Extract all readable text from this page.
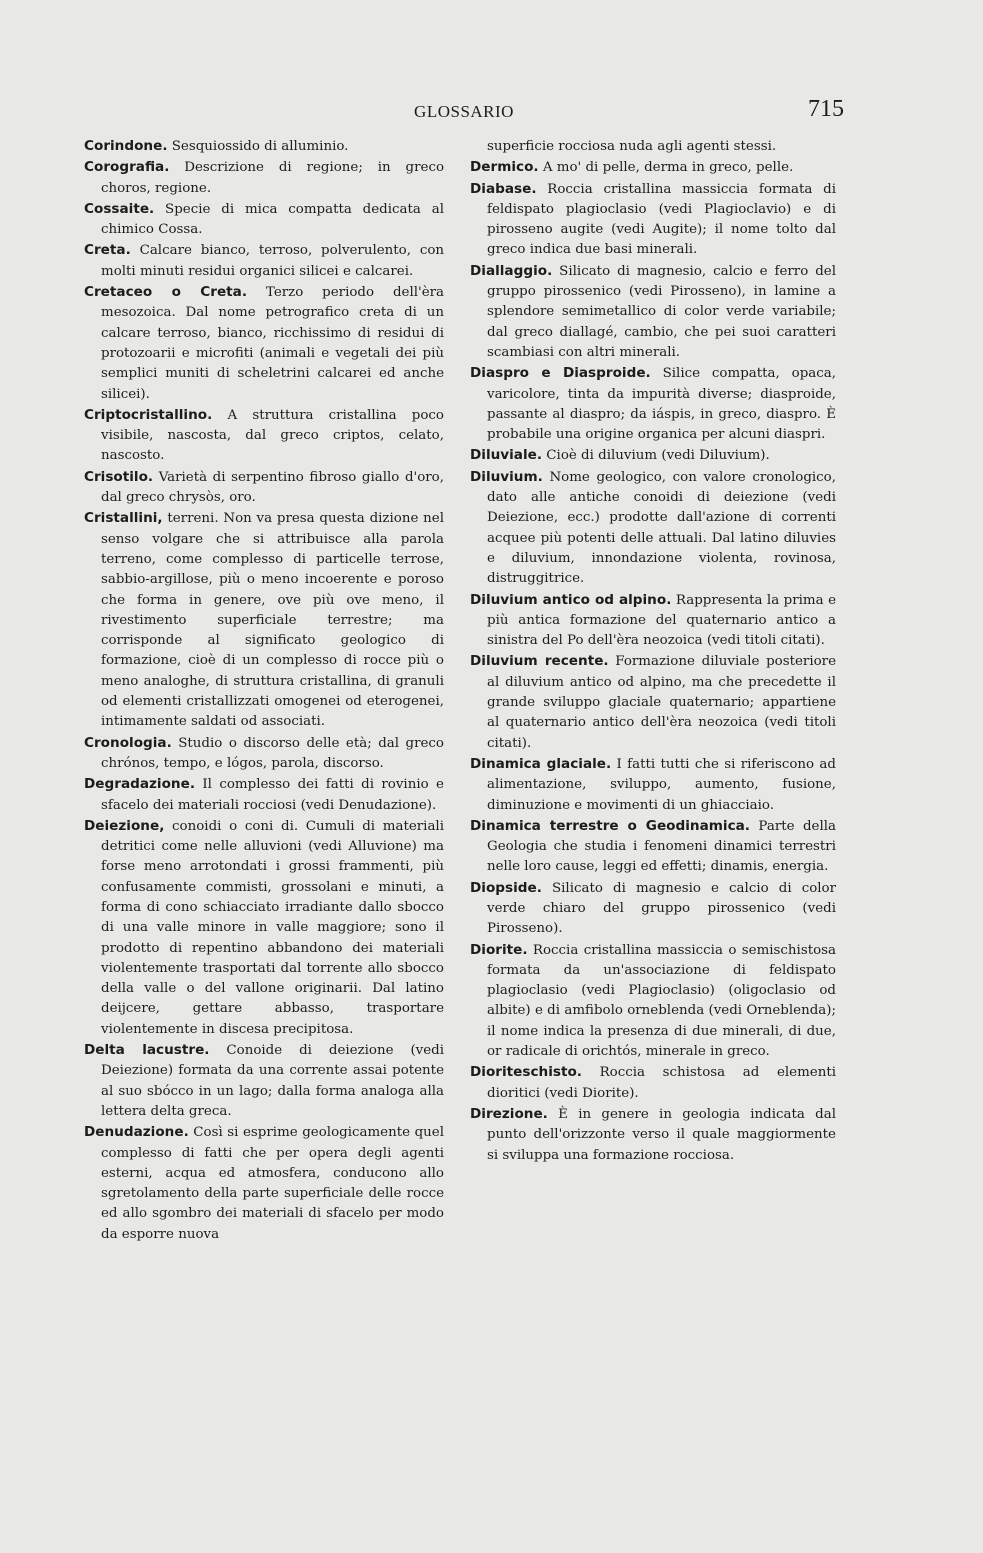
GLOSSARIO	715

Corindone. Sesquiossido di alluminio.

Corografia. Descrizione di regione; in greco choros, regione.

Cossaite. Specie di mica compatta dedicata al chimico Cossa.

Creta. Calcare bianco, terroso, polverulento, con molti minuti residui organici silicei e calcarei.

Cretaceo o Creta. Terzo periodo dell'èra mesozoica. Dal nome petrografico creta di un calcare terroso, bianco, ricchissimo di residui di protozoarii e microfiti (animali e vegetali dei più semplici muniti di scheletrini calcarei ed anche silicei).

Criptocristallino. A struttura cristallina poco visibile, nascosta, dal greco criptos, celato, nascosto.

Crisotilo. Varietà di serpentino fibroso giallo d'oro, dal greco chrysòs, oro.

Cristallini, terreni. Non va presa questa dizione nel senso volgare che si attribuisce alla parola terreno, come complesso di particelle terrose, sabbio-argillose, più o meno incoerente e poroso che forma in genere, ove più ove meno, il rivestimento superficiale terrestre; ma corrisponde al significato geologico di formazione, cioè di un complesso di rocce più o meno analoghe, di struttura cristallina, di granuli od elementi cristallizzati omogenei od eterogenei, intimamente saldati od associati.

Cronologia. Studio o discorso delle età; dal greco chrónos, tempo, e lógos, parola, discorso.

Degradazione. Il complesso dei fatti di rovinio e sfacelo dei materiali rocciosi (vedi Denudazione).

Deiezione, conoidi o coni di. Cumuli di materiali detritici come nelle alluvioni (vedi Alluvione) ma forse meno arrotondati i grossi frammenti, più confusamente commisti, grossolani e minuti, a forma di cono schiacciato irradiante dallo sbocco di una valle minore in valle maggiore; sono il prodotto di repentino abbandono dei materiali violentemente trasportati dal torrente allo sbocco della valle o del vallone originarii. Dal latino deijcere, gettare abbasso, trasportare violentemente in discesa precipitosa.

Delta lacustre. Conoide di deiezione (vedi Deiezione) formata da una corrente assai potente al suo sbócco in un lago; dalla forma analoga alla lettera delta greca.

Denudazione. Così si esprime geologicamente quel complesso di fatti che per opera degli agenti esterni, acqua ed atmosfera, conducono allo sgretolamento della parte superficiale delle rocce ed allo sgombro dei materiali di sfacelo per modo da esporre nuova

superficie rocciosa nuda agli agenti stessi.

Dermico. A mo' di pelle, derma in greco, pelle.

Diabase. Roccia cristallina massiccia formata di feldispato plagioclasio (vedi Plagioclavio) e di pirosseno augite (vedi Augite); il nome tolto dal greco indica due basi minerali.

Diallaggio. Silicato di magnesio, calcio e ferro del gruppo pirossenico (vedi Pirosseno), in lamine a splendore semimetallico di color verde variabile; dal greco diallagé, cambio, che pei suoi caratteri scambiasi con altri minerali.

Diaspro e Diasproide. Silice compatta, opaca, varicolore, tinta da impurità diverse; diasproide, passante al diaspro; da iáspis, in greco, diaspro. È probabile una origine organica per alcuni diaspri.

Diluviale. Cioè di diluvium (vedi Diluvium).

Diluvium. Nome geologico, con valore cronologico, dato alle antiche conoidi di deiezione (vedi Deiezione, ecc.) prodotte dall'azione di correnti acquee più potenti delle attuali. Dal latino diluvies e diluvium, innondazione violenta, rovinosa, distruggitrice.

Diluvium antico od alpino. Rappresenta la prima e più antica formazione del quaternario antico a sinistra del Po dell'èra neozoica (vedi titoli citati).

Diluvium recente. Formazione diluviale posteriore al diluvium antico od alpino, ma che precedette il grande sviluppo glaciale quaternario; appartiene al quaternario antico dell'èra neozoica (vedi titoli citati).

Dinamica glaciale. I fatti tutti che si riferiscono ad alimentazione, sviluppo, aumento, fusione, diminuzione e movimenti di un ghiacciaio.

Dinamica terrestre o Geodinamica. Parte della Geologia che studia i fenomeni dinamici terrestri nelle loro cause, leggi ed effetti; dinamis, energia.

Diopside. Silicato di magnesio e calcio di color verde chiaro del gruppo pirossenico (vedi Pirosseno).

Diorite. Roccia cristallina massiccia o semischistosa formata da un'associazione di feldispato plagioclasio (vedi Plagioclasio) (oligoclasio od albite) e di amfibolo orneblenda (vedi Orneblenda); il nome indica la presenza di due minerali, di due, or radicale di orichtós, minerale in greco.

Dioriteschisto. Roccia schistosa ad elementi dioritici (vedi Diorite).

Direzione. È in genere in geologia indicata dal punto dell'orizzonte verso il quale maggiormente si sviluppa una formazione rocciosa.
